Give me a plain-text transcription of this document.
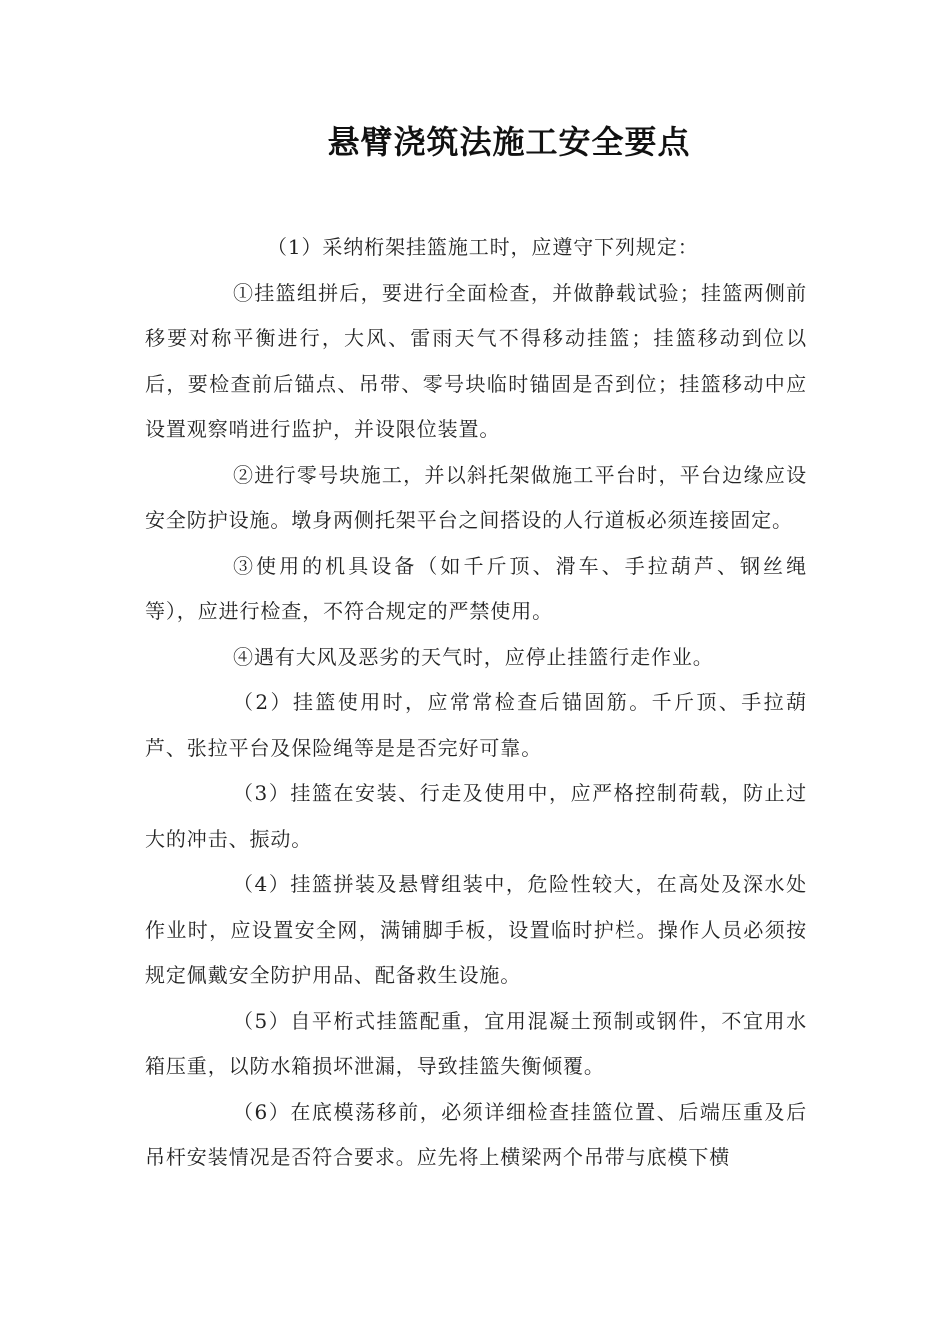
悬臂浇筑法施工安全要点

（1）采纳桁架挂篮施工时，应遵守下列规定：

①挂篮组拼后，要进行全面检查，并做静载试验；挂篮两侧前移要对称平衡进行，大风、雷雨天气不得移动挂篮；挂篮移动到位以后，要检查前后锚点、吊带、零号块临时锚固是否到位；挂篮移动中应设置观察哨进行监护，并设限位装置。

②进行零号块施工，并以斜托架做施工平台时，平台边缘应设安全防护设施。墩身两侧托架平台之间搭设的人行道板必须连接固定。

③使用的机具设备（如千斤顶、滑车、手拉葫芦、钢丝绳等），应进行检查，不符合规定的严禁使用。

④遇有大风及恶劣的天气时，应停止挂篮行走作业。

（2）挂篮使用时，应常常检查后锚固筋。千斤顶、手拉葫芦、张拉平台及保险绳等是是否完好可靠。

（3）挂篮在安装、行走及使用中，应严格控制荷载，防止过大的冲击、振动。

（4）挂篮拼装及悬臂组装中，危险性较大，在高处及深水处作业时，应设置安全网，满铺脚手板，设置临时护栏。操作人员必须按规定佩戴安全防护用品、配备救生设施。

（5）自平桁式挂篮配重，宜用混凝土预制或钢件，不宜用水箱压重，以防水箱损坏泄漏，导致挂篮失衡倾覆。

（6）在底模荡移前，必须详细检查挂篮位置、后端压重及后吊杆安装情况是否符合要求。应先将上横梁两个吊带与底模下横
